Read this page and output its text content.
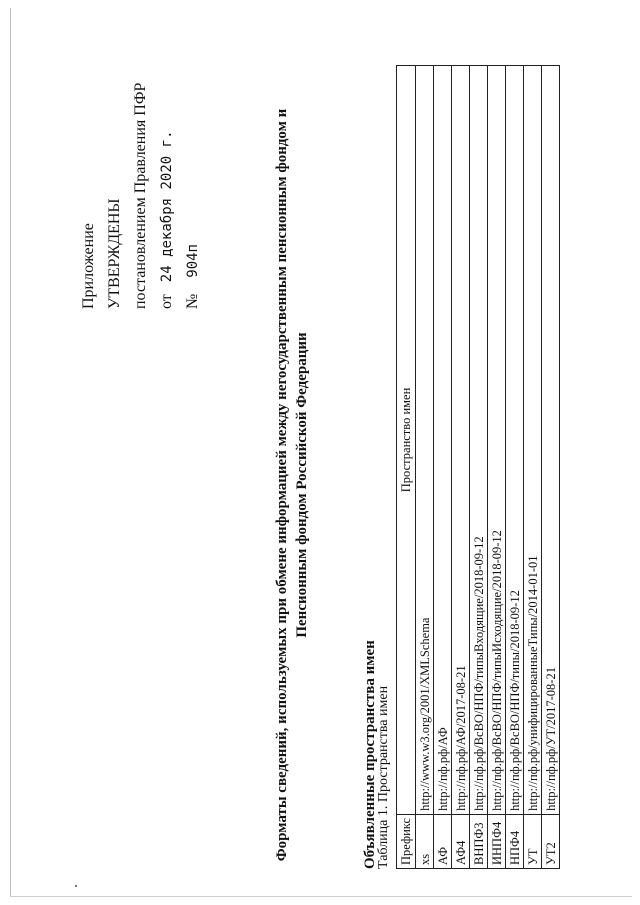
Приложение УТВЕРЖДЕНЫ постановлением Правления ПФР от   24 декабря 2020 г.
№    904п	Форматы сведений, используемых при обмене информацией между негосударственным пенсионным фондом и Пенсионным фондом Российской Федерации
Объявленные пространства имен
Таблица 1. Пространства имен Префикс	Пространство имен
xs	http://www.w3.org/2001/XMLSchema
АФ	http://пф.рф/АФ
АФ4	http://пф.рф/АФ/2017-08-21
ВНПФ3	http://пф.рф/ВсВО/НПФ/типыВходящие/2018-09-12
ИНПФ4	http://пф.рф/ВсВО/НПФ/типыИсходящие/2018-09-12
НПФ4	http://пф.рф/ВсВО/НПФ/типы/2018-09-12
УТ	http://пф.рф/унифицированныеТипы/2014-01-01
УТ2	http://пф.рф/УТ/2017-08-21
